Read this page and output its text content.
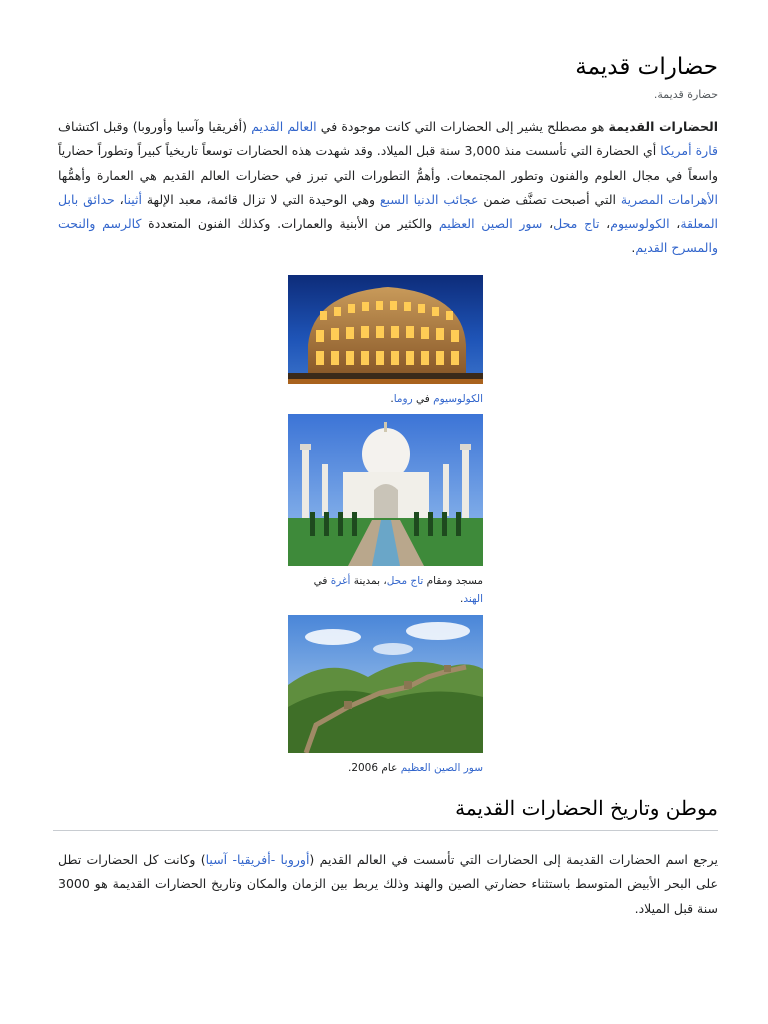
حضارات قديمة
حضارة قديمة.

الحضارات القديمة هو مصطلح يشير إلى الحضارات التي كانت موجودة في العالم القديم (أفريقيا وآسيا وأوروبا) وقبل اكتشاف قارة أمريكا أي الحضارة التي تأسست منذ 3,000 سنة قبل الميلاد. وقد شهدت هذه الحضارات توسعاً تاريخياً كبيراً وتطوراً حضارياً واسعاً في مجال العلوم والفنون وتطور المجتمعات. وأهمُّ التطورات التي تبرز في حضارات العالم القديم هي العمارة وأهمُّها الأهرامات المصرية التي أصبحت تصنَّف ضمن عجائب الدنيا السبع وهي الوحيدة التي لا تزال قائمة، معبد الإلهة أثينا، حدائق بابل المعلقة، الكولوسيوم، تاج محل، سور الصين العظيم والكثير من الأبنية والعمارات. وكذلك الفنون المتعددة كالرسم والنحت والمسرح القديم.

الكولوسيوم في روما.
مسجد ومقام تاج محل، بمدينة أغرة في الهند.
سور الصين العظيم عام 2006.
موطن وتاريخ الحضارات القديمة

يرجع اسم الحضارات القديمة إلى الحضارات التي تأسست في العالم القديم (أوروبا -أفريقيا- آسيا) وكانت كل الحضارات تطل على البحر الأبيض المتوسط باستثناء حضارتي الصين والهند وذلك يربط بين الزمان والمكان وتاريخ الحضارات القديمة هو 3000 سنة قبل الميلاد.
